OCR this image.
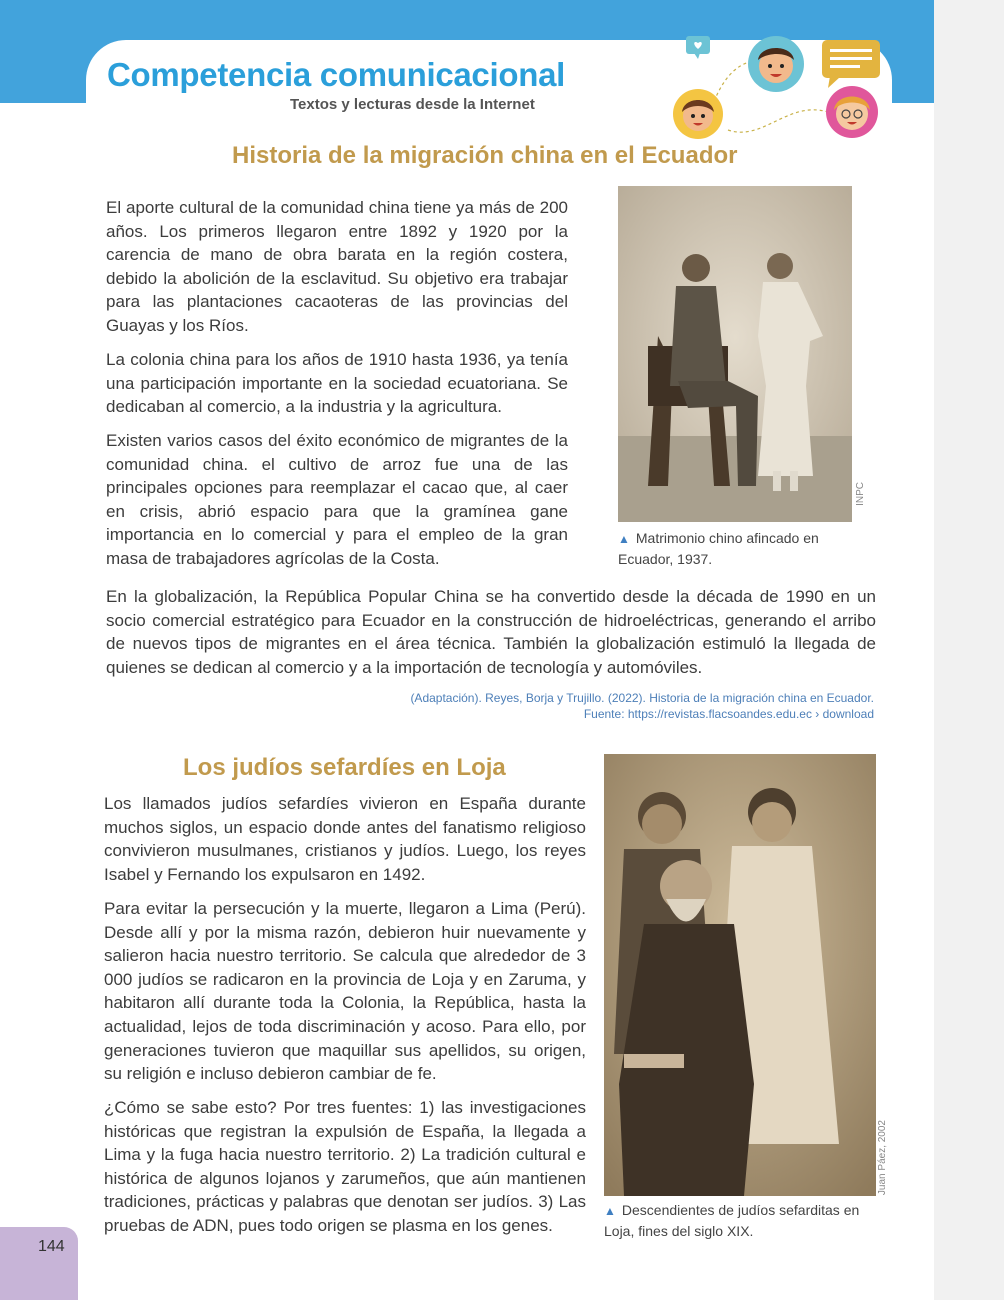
Competencia comunicacional
Textos y lecturas desde la Internet
Historia de la migración china en el Ecuador

El aporte cultural de la comunidad china tiene ya más de 200 años. Los primeros llegaron entre 1892 y 1920 por la carencia de mano de obra barata en la región costera, debido la abolición de la esclavitud. Su objetivo era trabajar para las plantaciones cacaoteras de las provincias del Guayas y los Ríos.

La colonia china para los años de 1910 hasta 1936, ya tenía una participación importante en la sociedad ecuatoriana. Se dedicaban al comercio, a la industria y la agricultura.

Existen varios casos del éxito económico de migrantes de la comunidad china. el cultivo de arroz fue una de las principales opciones para reemplazar el cacao que, al caer en crisis, abrió espacio para que la gramínea gane importancia en lo comercial y para el empleo de la gran masa de trabajadores agrícolas de la Costa.

INPC
▲ Matrimonio chino afincado en Ecuador, 1937.

En la globalización, la República Popular China se ha convertido desde la década de 1990 en un socio comercial estratégico para Ecuador en la construcción de hidroeléctricas, generando el arribo de nuevos tipos de migrantes en el área técnica. También la globalización estimuló la llegada de quienes se dedican al comercio y a la importación de tecnología y automóviles.

(Adaptación). Reyes, Borja y Trujillo. (2022). Historia de la migración china en Ecuador.
Fuente: https://revistas.flacsoandes.edu.ec › download
Los judíos sefardíes en Loja

Los llamados judíos sefardíes vivieron en España durante muchos siglos, un espacio donde antes del fanatismo religioso convivieron musulmanes, cristianos y judíos. Luego, los reyes Isabel y Fernando los expulsaron en 1492.

Para evitar la persecución y la muerte, llegaron a Lima (Perú). Desde allí y por la misma razón, debieron huir nuevamente y salieron hacia nuestro territorio. Se calcula que alrededor de 3 000 judíos se radicaron en la provincia de Loja y en Zaruma, y habitaron allí durante toda la Colonia, la República, hasta la actualidad, lejos de toda discriminación y acoso. Para ello, por generaciones tuvieron que maquillar sus apellidos, su origen, su religión e incluso debieron cambiar de fe.

¿Cómo se sabe esto? Por tres fuentes: 1) las investigaciones históricas que registran la expulsión de España, la llegada a Lima y la fuga hacia nuestro territorio. 2) La tradición cultural e histórica de algunos lojanos y zarumeños, que aún mantienen tradiciones, prácticas y palabras que denotan ser judíos. 3) Las pruebas de ADN, pues todo origen se plasma en los genes.

Juan Páez, 2002
▲ Descendientes de judíos sefarditas en Loja, fines del siglo XIX.
144
